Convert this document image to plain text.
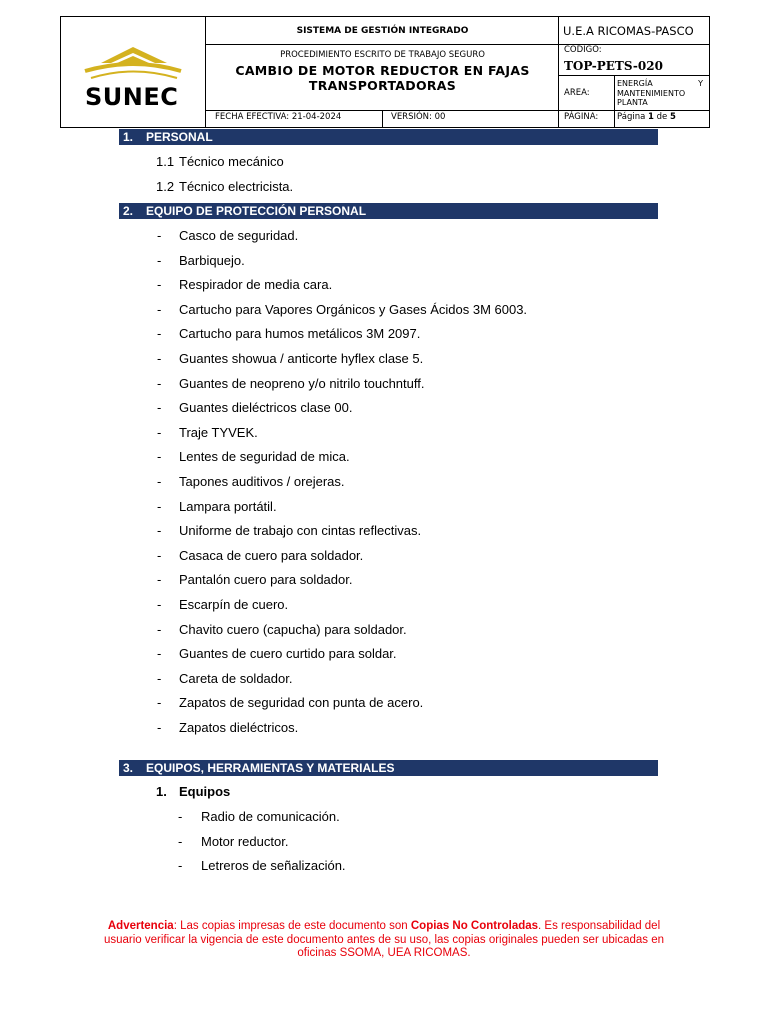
SUNEC
SISTEMA DE GESTIÓN INTEGRADO	U.E.A RICOMAS-PASCO
PROCEDIMIENTO ESCRITO DE TRABAJO SEGURO
CAMBIO DE MOTOR REDUCTOR EN FAJAS
TRANSPORTADORAS
CODIGO:
TOP-PETS-020
AREA:
ENERGÍA Y
MANTENIMIENTO
PLANTA
FECHA EFECTIVA: 21-04-2024	VERSIÓN: 00	PÁGINA: Página 1 de 5
1. PERSONAL
1.1 Técnico mecánico
1.2 Técnico electricista.
2. EQUIPO DE PROTECCIÓN PERSONAL
- Casco de seguridad.
- Barbiquejo.
- Respirador de media cara.
- Cartucho para Vapores Orgánicos y Gases Ácidos 3M 6003.
- Cartucho para humos metálicos 3M 2097.
- Guantes showua / anticorte hyflex clase 5.
- Guantes de neopreno y/o nitrilo touchntuff.
- Guantes dieléctricos clase 00.
- Traje TYVEK.
- Lentes de seguridad de mica.
- Tapones auditivos / orejeras.
- Lampara portátil.
- Uniforme de trabajo con cintas reflectivas.
- Casaca de cuero para soldador.
- Pantalón cuero para soldador.
- Escarpín de cuero.
- Chavito cuero (capucha) para soldador.
- Guantes de cuero curtido para soldar.
- Careta de soldador.
- Zapatos de seguridad con punta de acero.
- Zapatos dieléctricos.
3. EQUIPOS, HERRAMIENTAS Y MATERIALES
1. Equipos
- Radio de comunicación.
- Motor reductor.
- Letreros de señalización.
Advertencia: Las copias impresas de este documento son Copias No Controladas. Es responsabilidad del usuario verificar la vigencia de este documento antes de su uso, las copias originales pueden ser ubicadas en oficinas SSOMA, UEA RICOMAS.
